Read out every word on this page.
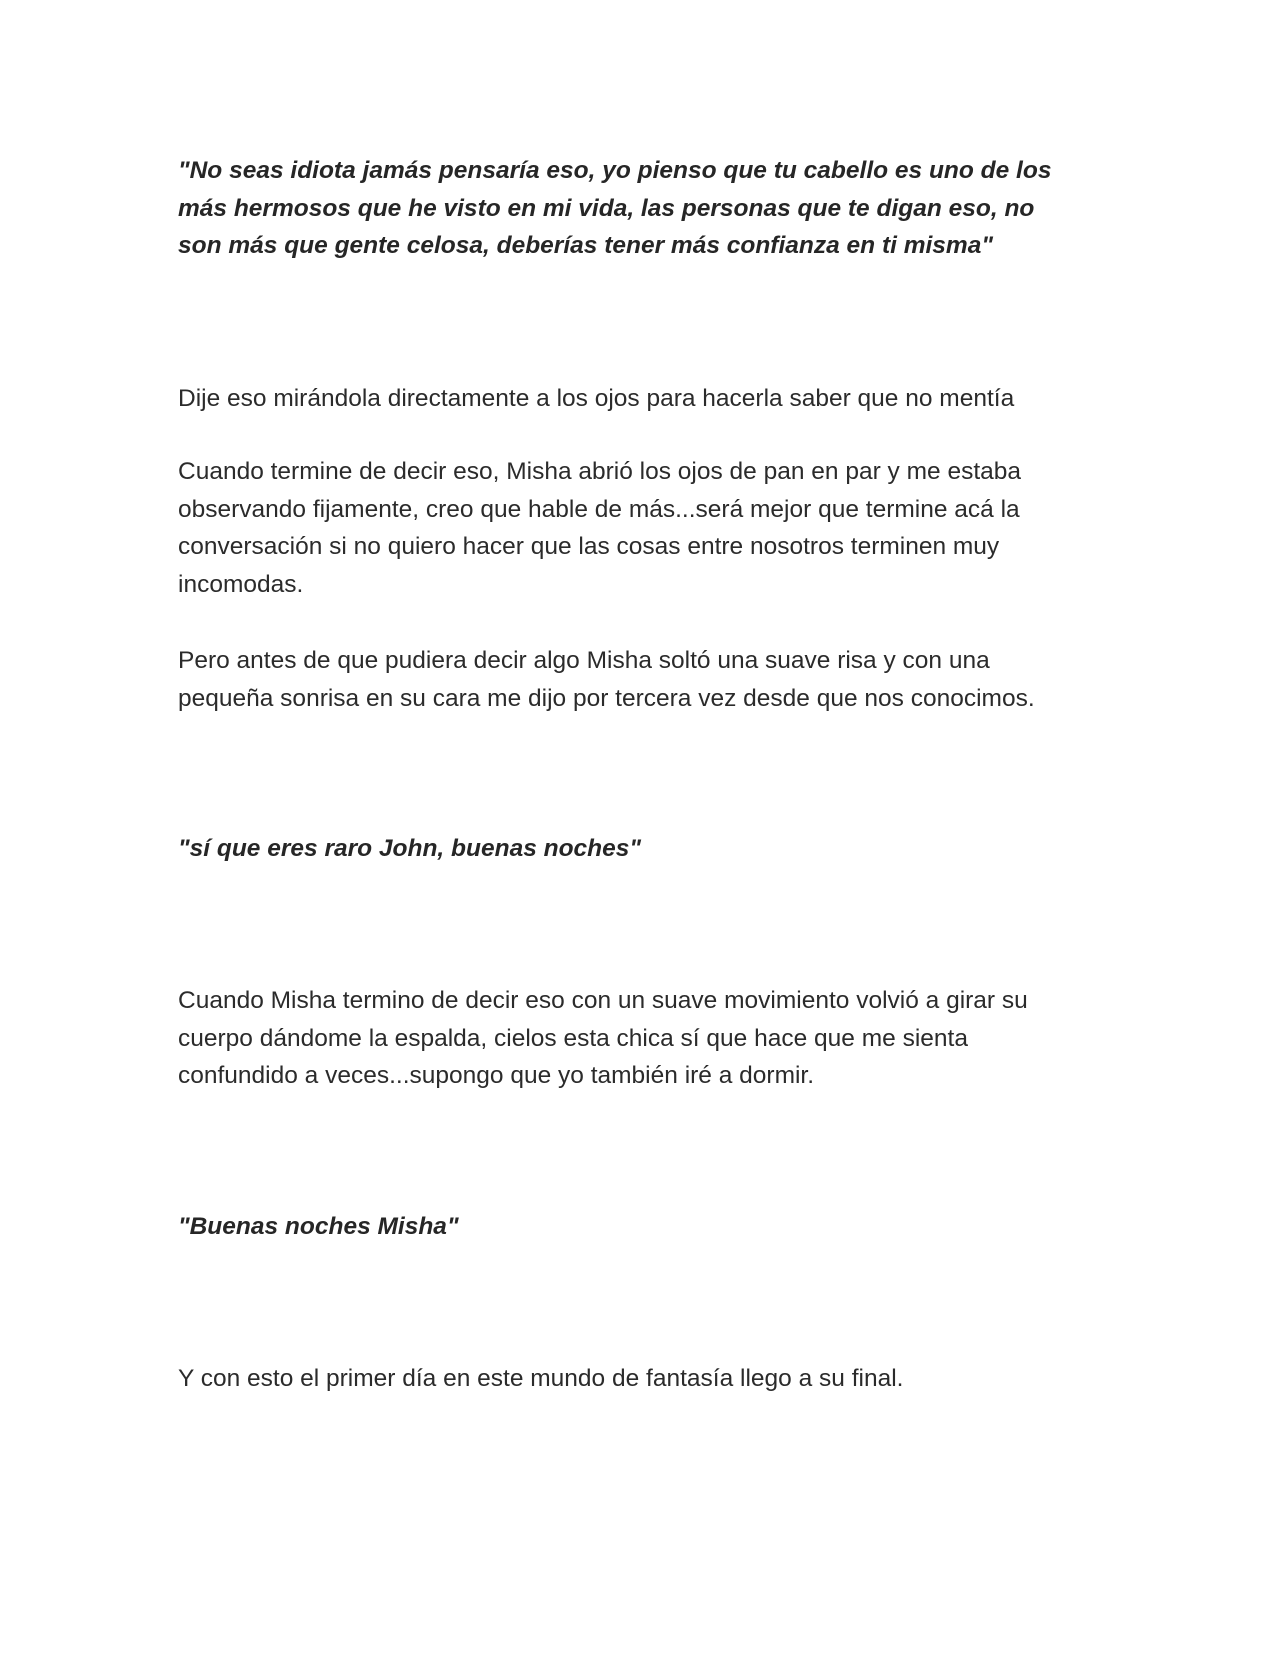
"No seas idiota jamás pensaría eso, yo pienso que tu cabello es uno de los más hermosos que he visto en mi vida, las personas que te digan eso, no son más que gente celosa, deberías tener más confianza en ti misma"

Dije eso mirándola directamente a los ojos para hacerla saber que no mentía

Cuando termine de decir eso, Misha abrió los ojos de pan en par y me estaba observando fijamente, creo que hable de más...será mejor que termine acá la conversación si no quiero hacer que las cosas entre nosotros terminen muy incomodas.

Pero antes de que pudiera decir algo Misha soltó una suave risa y con una pequeña sonrisa en su cara me dijo por tercera vez desde que nos conocimos.

"sí que eres raro John, buenas noches"

Cuando Misha termino de decir eso con un suave movimiento volvió a girar su cuerpo dándome la espalda, cielos esta chica sí que hace que me sienta confundido a veces...supongo que yo también iré a dormir.

"Buenas noches Misha"

Y con esto el primer día en este mundo de fantasía llego a su final.
